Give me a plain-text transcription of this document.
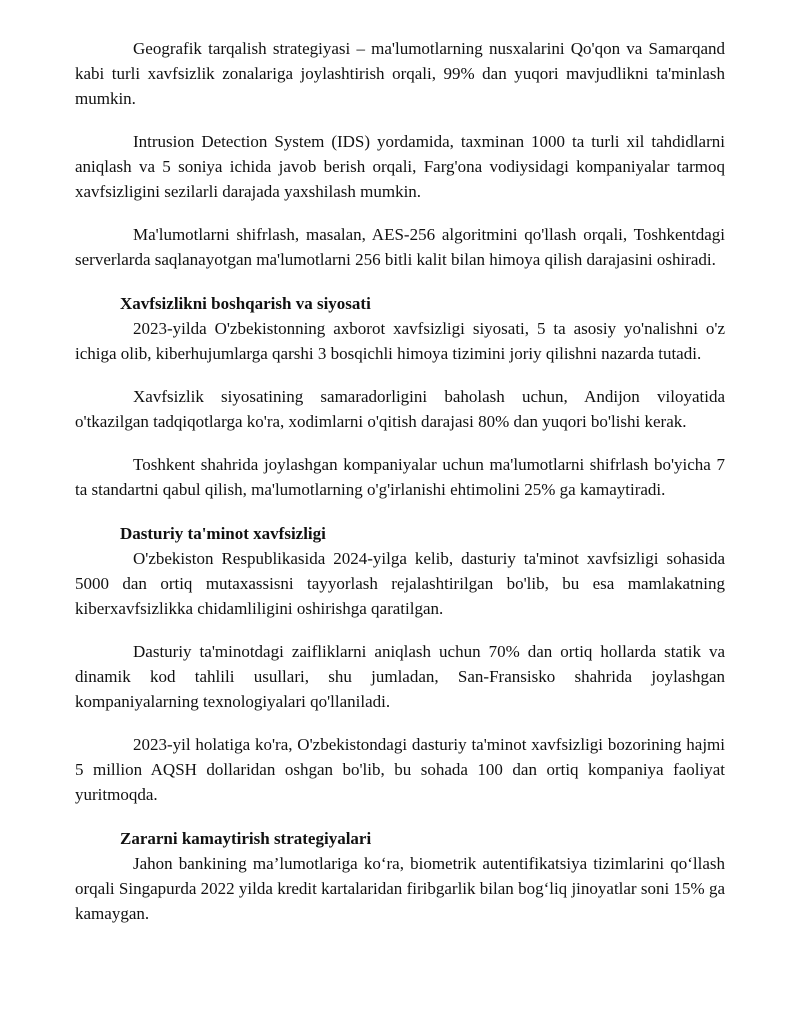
Geografik tarqalish strategiyasi – ma'lumotlarning nusxalarini Qo'qon va Samarqand kabi turli xavfsizlik zonalariga joylashtirish orqali, 99% dan yuqori mavjudlikni ta'minlash mumkin.

Intrusion Detection System (IDS) yordamida, taxminan 1000 ta turli xil tahdidlarni aniqlash va 5 soniya ichida javob berish orqali, Farg'ona vodiysidagi kompaniyalar tarmoq xavfsizligini sezilarli darajada yaxshilash mumkin.

Ma'lumotlarni shifrlash, masalan, AES-256 algoritmini qo'llash orqali, Toshkentdagi serverlarda saqlanayotgan ma'lumotlarni 256 bitli kalit bilan himoya qilish darajasini oshiradi.

Xavfsizlikni boshqarish va siyosati

2023-yilda O'zbekistonning axborot xavfsizligi siyosati, 5 ta asosiy yo'nalishni o'z ichiga olib, kiberhujumlarga qarshi 3 bosqichli himoya tizimini joriy qilishni nazarda tutadi.

Xavfsizlik siyosatining samaradorligini baholash uchun, Andijon viloyatida o'tkazilgan tadqiqotlarga ko'ra, xodimlarni o'qitish darajasi 80% dan yuqori bo'lishi kerak.

Toshkent shahrida joylashgan kompaniyalar uchun ma'lumotlarni shifrlash bo'yicha 7 ta standartni qabul qilish, ma'lumotlarning o'g'irlanishi ehtimolini 25% ga kamaytiradi.

Dasturiy ta'minot xavfsizligi

O'zbekiston Respublikasida 2024-yilga kelib, dasturiy ta'minot xavfsizligi sohasida 5000 dan ortiq mutaxassisni tayyorlash rejalashtirilgan bo'lib, bu esa mamlakatning kiberxavfsizlikka chidamliligini oshirishga qaratilgan.

Dasturiy ta'minotdagi zaifliklarni aniqlash uchun 70% dan ortiq hollarda statik va dinamik kod tahlili usullari, shu jumladan, San-Fransisko shahrida joylashgan kompaniyalarning texnologiyalari qo'llaniladi.

2023-yil holatiga ko'ra, O'zbekistondagi dasturiy ta'minot xavfsizligi bozorining hajmi 5 million AQSH dollaridan oshgan bo'lib, bu sohada 100 dan ortiq kompaniya faoliyat yuritmoqda.

Zararni kamaytirish strategiyalari

Jahon bankining ma’lumotlariga ko‘ra, biometrik autentifikatsiya tizimlarini qo‘llash orqali Singapurda 2022 yilda kredit kartalaridan firibgarlik bilan bog‘liq jinoyatlar soni 15% ga kamaygan.
